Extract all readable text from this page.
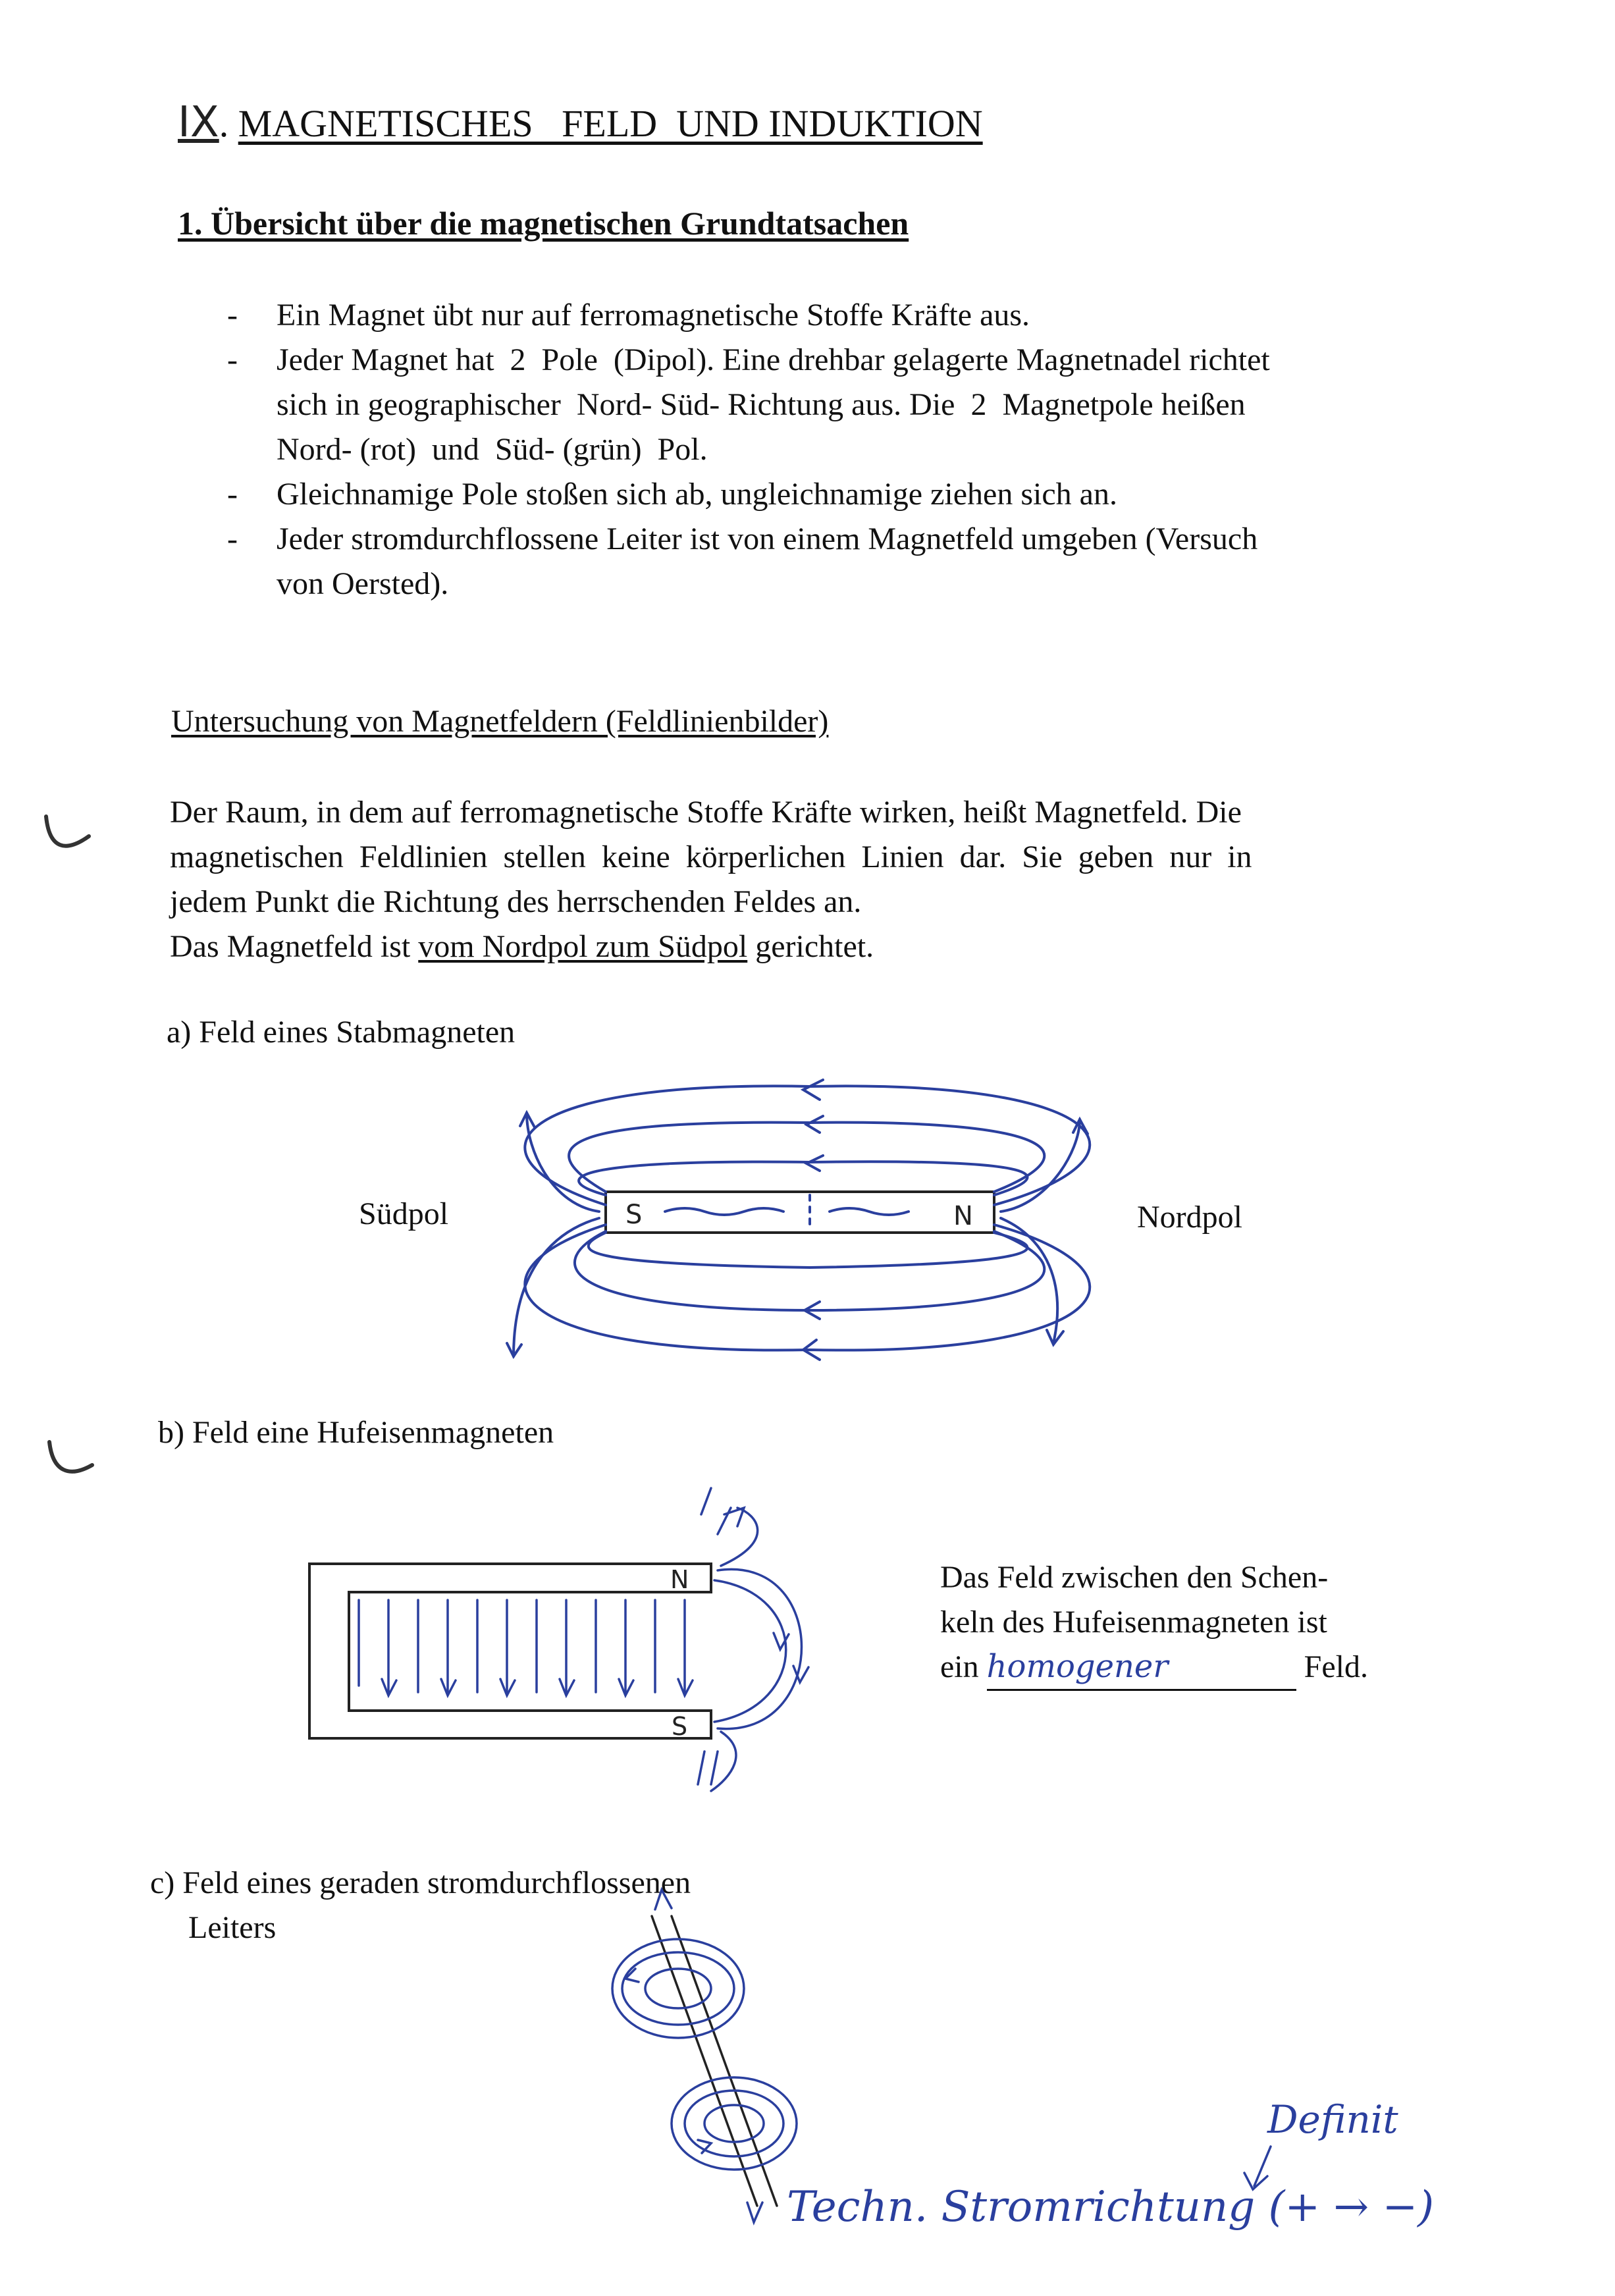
IX. MAGNETISCHES   FELD  UND INDUKTION
1. Übersicht über die magnetischen Grundtatsachen
- Ein Magnet übt nur auf ferromagnetische Stoffe Kräfte aus.
- Jeder Magnet hat  2  Pole  (Dipol). Eine drehbar gelagerte Magnetnadel richtet
sich in geographischer  Nord- Süd- Richtung aus. Die  2  Magnetpole heißen
Nord- (rot)  und  Süd- (grün)  Pol.
- Gleichnamige Pole stoßen sich ab, ungleichnamige ziehen sich an.
- Jeder stromdurchflossene Leiter ist von einem Magnetfeld umgeben (Versuch
von Oersted).
Untersuchung von Magnetfeldern (Feldlinienbilder)
Der Raum, in dem auf ferromagnetische Stoffe Kräfte wirken, heißt Magnetfeld. Die
magnetischen  Feldlinien  stellen  keine  körperlichen  Linien  dar.  Sie  geben  nur  in
jedem Punkt die Richtung des herrschenden Feldes an.
Das Magnetfeld ist vom Nordpol zum Südpol gerichtet.
a) Feld eines Stabmagneten
Südpol	Nordpol
S	N
b) Feld eine Hufeisenmagneten
N
S
Das Feld zwischen den Schen-
keln des Hufeisenmagneten ist
ein homogener	Feld.
c) Feld eines geraden stromdurchflossenen
Leiters
Techn. Stromrichtung (+ → −)
Definit
